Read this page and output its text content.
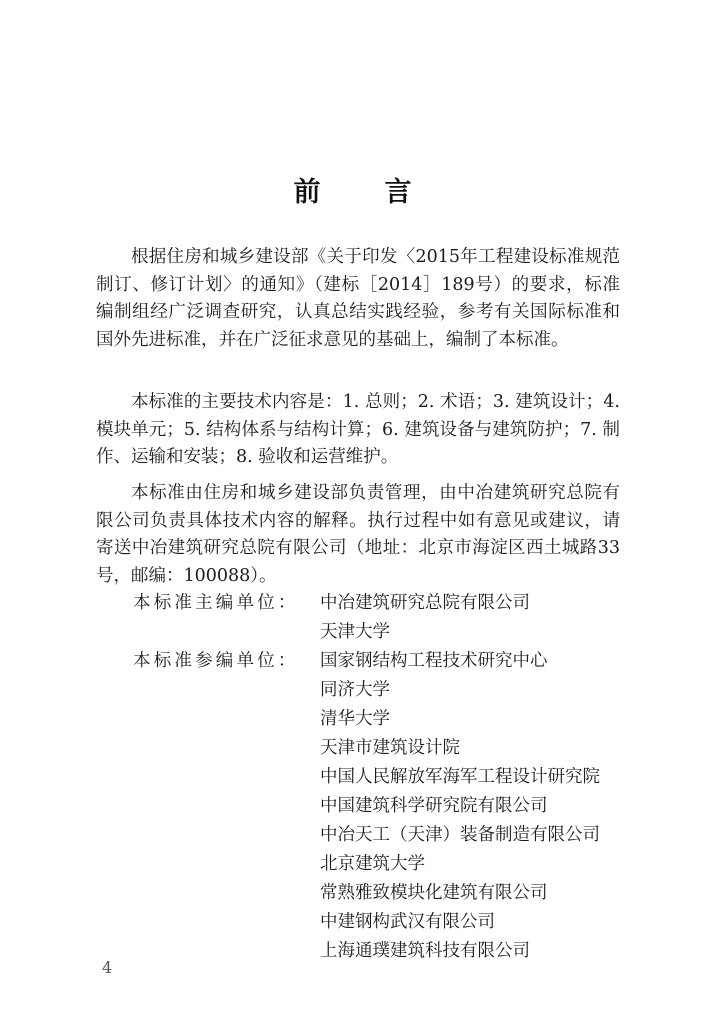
前 言

根据住房和城乡建设部《关于印发〈2015年工程建设标准规范制订、修订计划〉的通知》（建标［2014］189号）的要求，标准编制组经广泛调查研究，认真总结实践经验，参考有关国际标准和国外先进标准，并在广泛征求意见的基础上，编制了本标准。

本标准的主要技术内容是：1. 总则；2. 术语；3. 建筑设计；4. 模块单元；5. 结构体系与结构计算；6. 建筑设备与建筑防护；7. 制作、运输和安装；8. 验收和运营维护。

本标准由住房和城乡建设部负责管理，由中冶建筑研究总院有限公司负责具体技术内容的解释。执行过程中如有意见或建议，请寄送中冶建筑研究总院有限公司（地址：北京市海淀区西土城路33号，邮编：100088）。

本标准主编单位：	中冶建筑研究总院有限公司
天津大学
本标准参编单位：	国家钢结构工程技术研究中心
同济大学
清华大学
天津市建筑设计院
中国人民解放军海军工程设计研究院
中国建筑科学研究院有限公司
中冶天工（天津）装备制造有限公司
北京建筑大学
常熟雅致模块化建筑有限公司
中建钢构武汉有限公司
上海通璞建筑科技有限公司
4
